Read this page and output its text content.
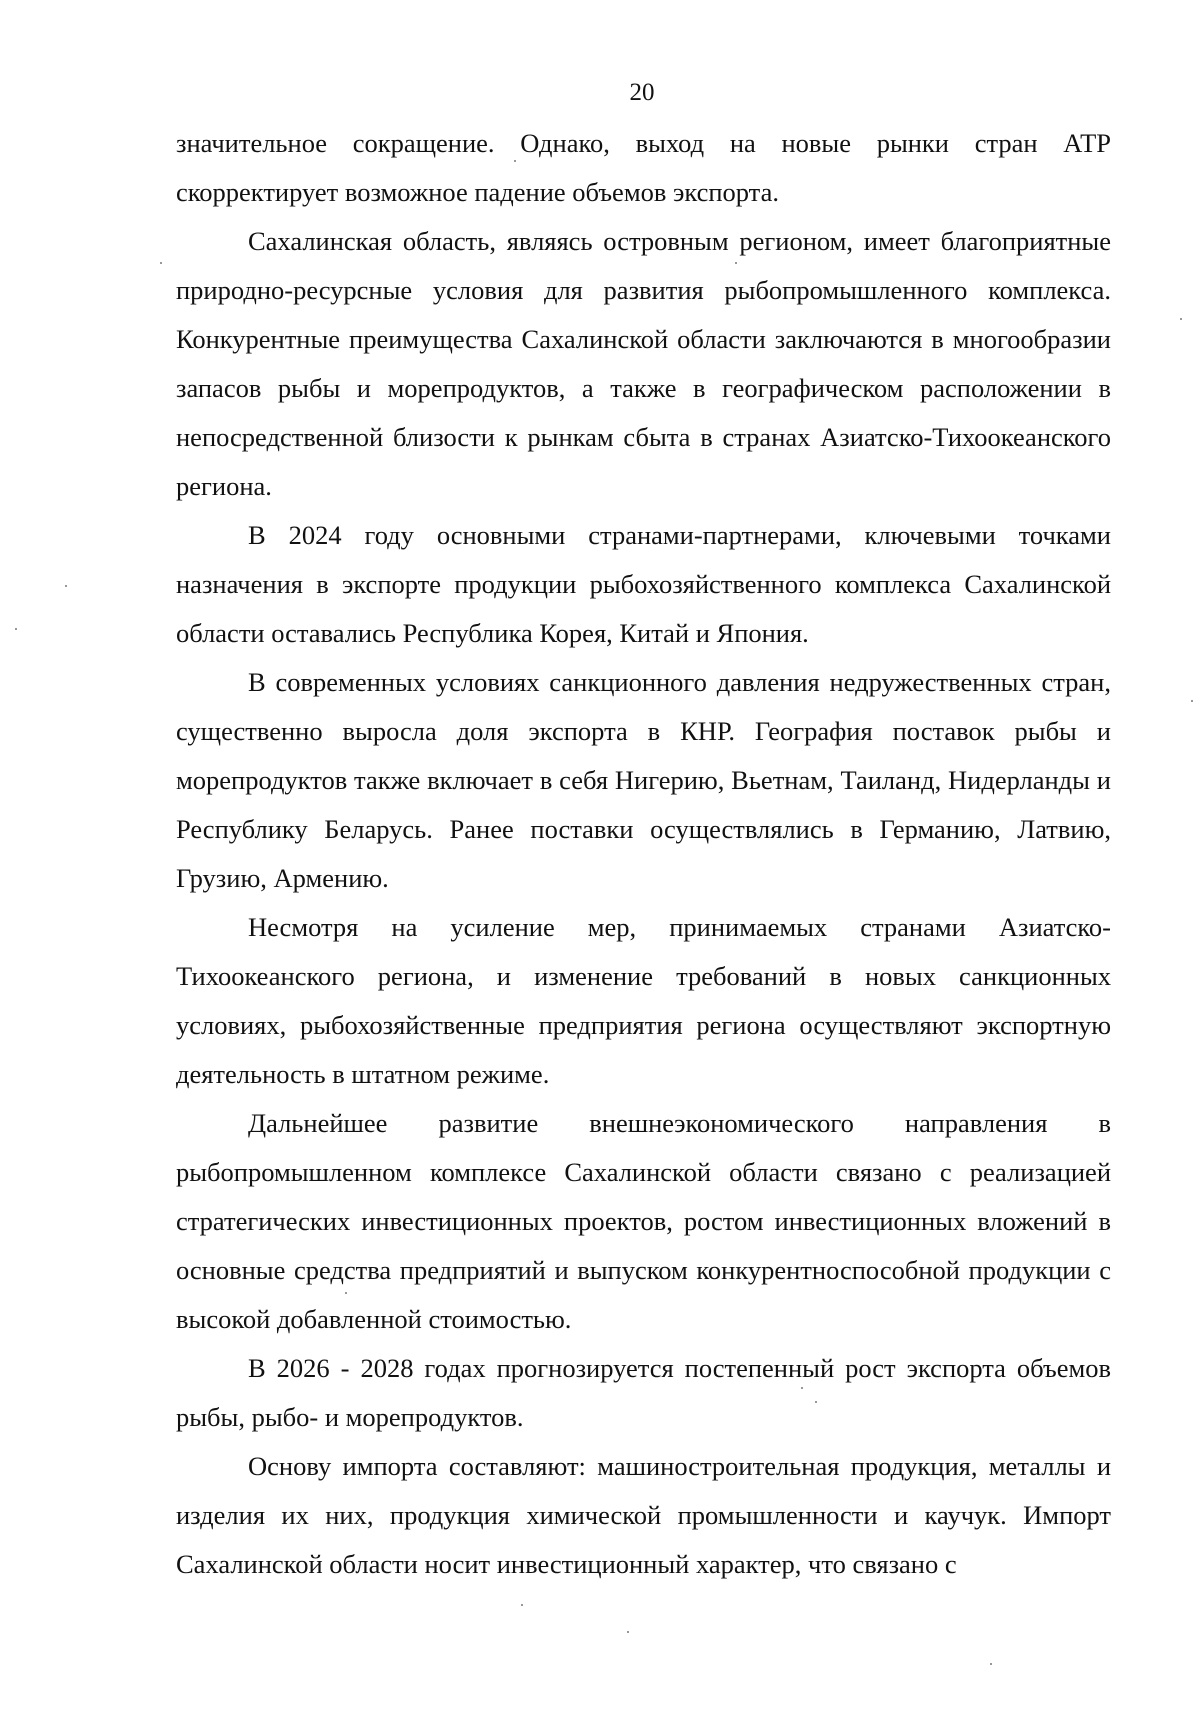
20

значительное сокращение. Однако, выход на новые рынки стран АТР скорректирует возможное падение объемов экспорта.

Сахалинская область, являясь островным регионом, имеет благоприятные природно-ресурсные условия для развития рыбопромышленного комплекса. Конкурентные преимущества Сахалинской области заключаются в многообразии запасов рыбы и морепродуктов, а также в географическом расположении в непосредственной близости к рынкам сбыта в странах Азиатско-Тихоокеанского региона.

В 2024 году основными странами-партнерами, ключевыми точками назначения в экспорте продукции рыбохозяйственного комплекса Сахалинской области оставались Республика Корея, Китай и Япония.

В современных условиях санкционного давления недружественных стран, существенно выросла доля экспорта в КНР. География поставок рыбы и морепродуктов также включает в себя Нигерию, Вьетнам, Таиланд, Нидерланды и Республику Беларусь. Ранее поставки осуществлялись в Германию, Латвию, Грузию, Армению.

Несмотря на усиление мер, принимаемых странами Азиатско-Тихоокеанского региона, и изменение требований в новых санкционных условиях, рыбохозяйственные предприятия региона осуществляют экспортную деятельность в штатном режиме.

Дальнейшее развитие внешнеэкономического направления в рыбопромышленном комплексе Сахалинской области связано с реализацией стратегических инвестиционных проектов, ростом инвестиционных вложений в основные средства предприятий и выпуском конкурентноспособной продукции с высокой добавленной стоимостью.

В 2026 - 2028 годах прогнозируется постепенный рост экспорта объемов рыбы, рыбо- и морепродуктов.

Основу импорта составляют: машиностроительная продукция, металлы и изделия их них, продукция химической промышленности и каучук. Импорт Сахалинской области носит инвестиционный характер, что связано с
